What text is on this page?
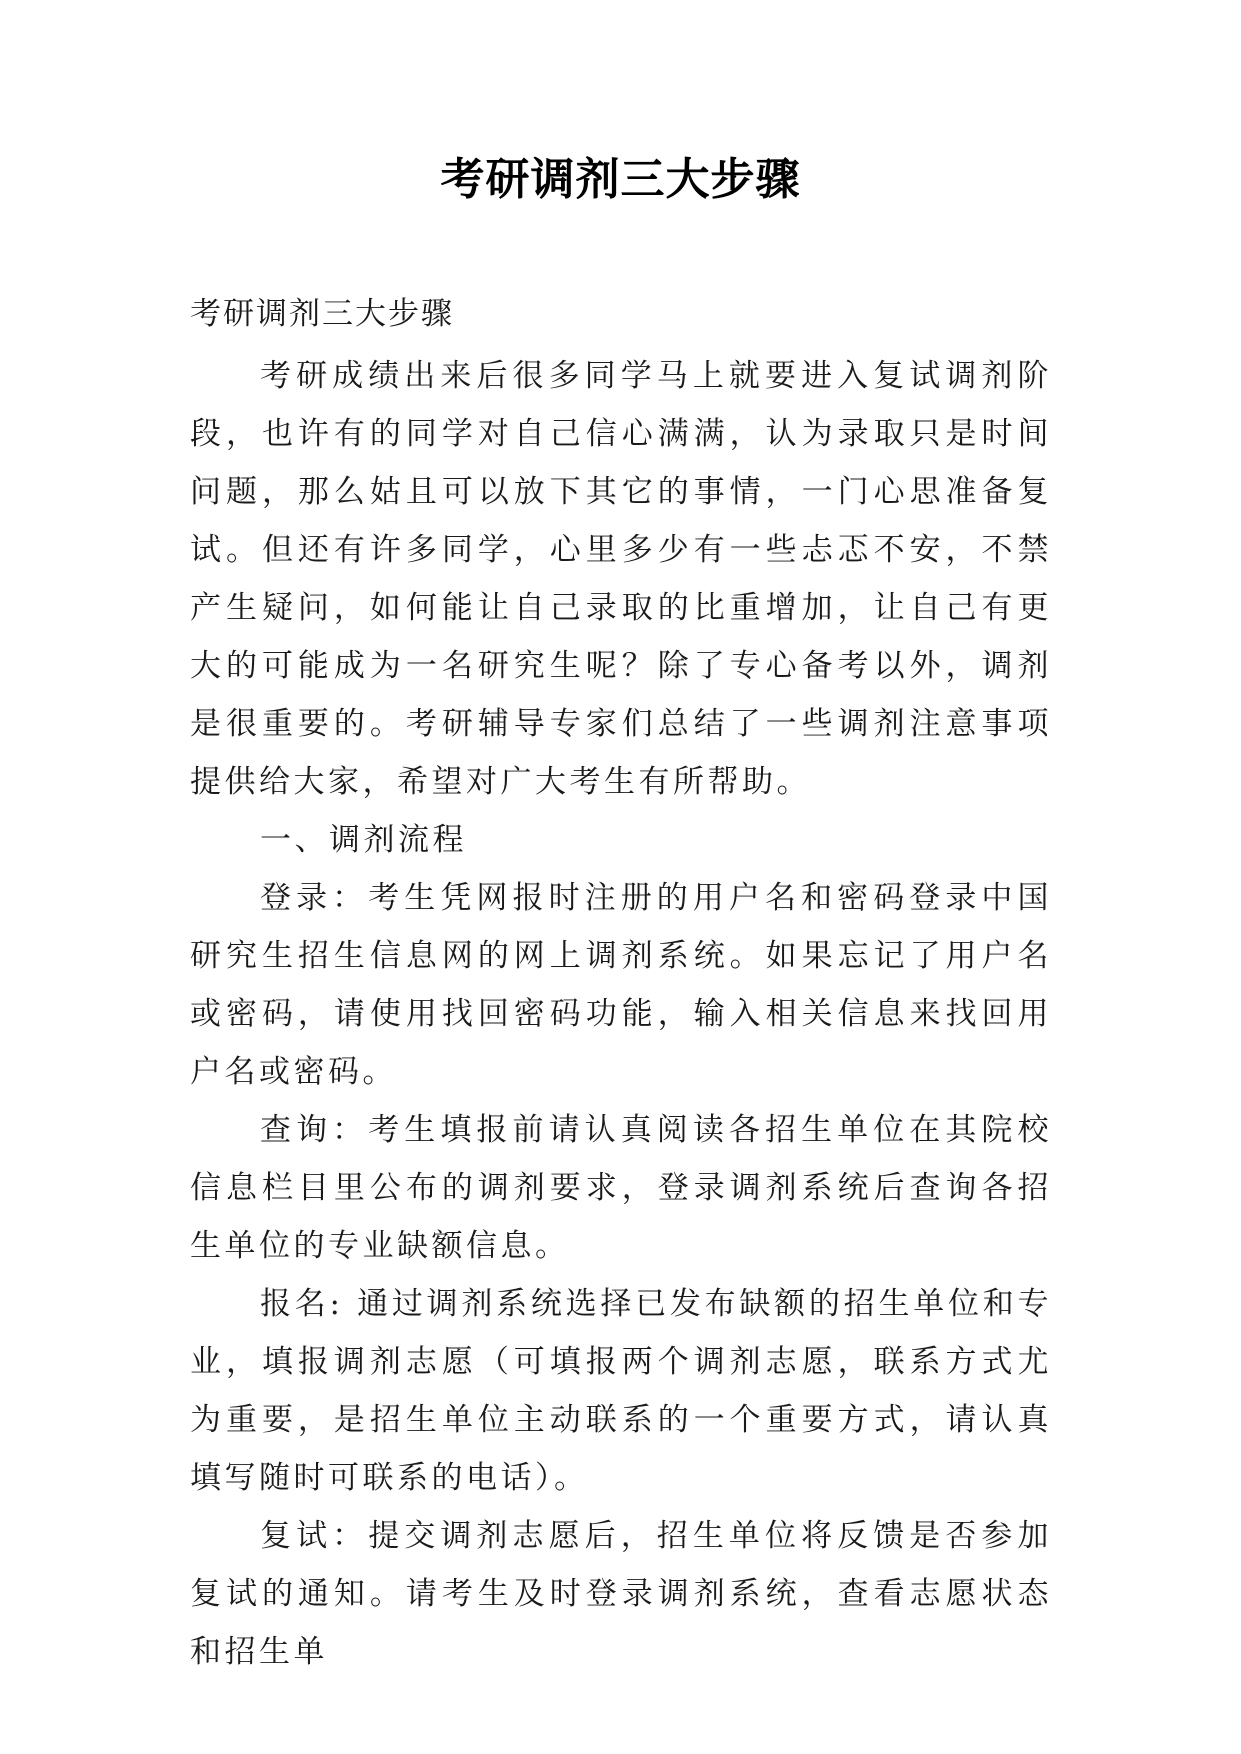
考研调剂三大步骤

考研调剂三大步骤

考研成绩出来后很多同学马上就要进入复试调剂阶段，也许有的同学对自己信心满满，认为录取只是时间问题，那么姑且可以放下其它的事情，一门心思准备复试。但还有许多同学，心里多少有一些忐忑不安，不禁产生疑问，如何能让自己录取的比重增加，让自己有更大的可能成为一名研究生呢？除了专心备考以外，调剂是很重要的。考研辅导专家们总结了一些调剂注意事项提供给大家，希望对广大考生有所帮助。

一、调剂流程

登录：考生凭网报时注册的用户名和密码登录中国研究生招生信息网的网上调剂系统。如果忘记了用户名或密码，请使用找回密码功能，输入相关信息来找回用户名或密码。

查询：考生填报前请认真阅读各招生单位在其院校信息栏目里公布的调剂要求，登录调剂系统后查询各招生单位的专业缺额信息。

报名: 通过调剂系统选择已发布缺额的招生单位和专业，填报调剂志愿（可填报两个调剂志愿，联系方式尤为重要，是招生单位主动联系的一个重要方式，请认真填写随时可联系的电话）。

复试：提交调剂志愿后，招生单位将反馈是否参加复试的通知。请考生及时登录调剂系统，查看志愿状态和招生单
